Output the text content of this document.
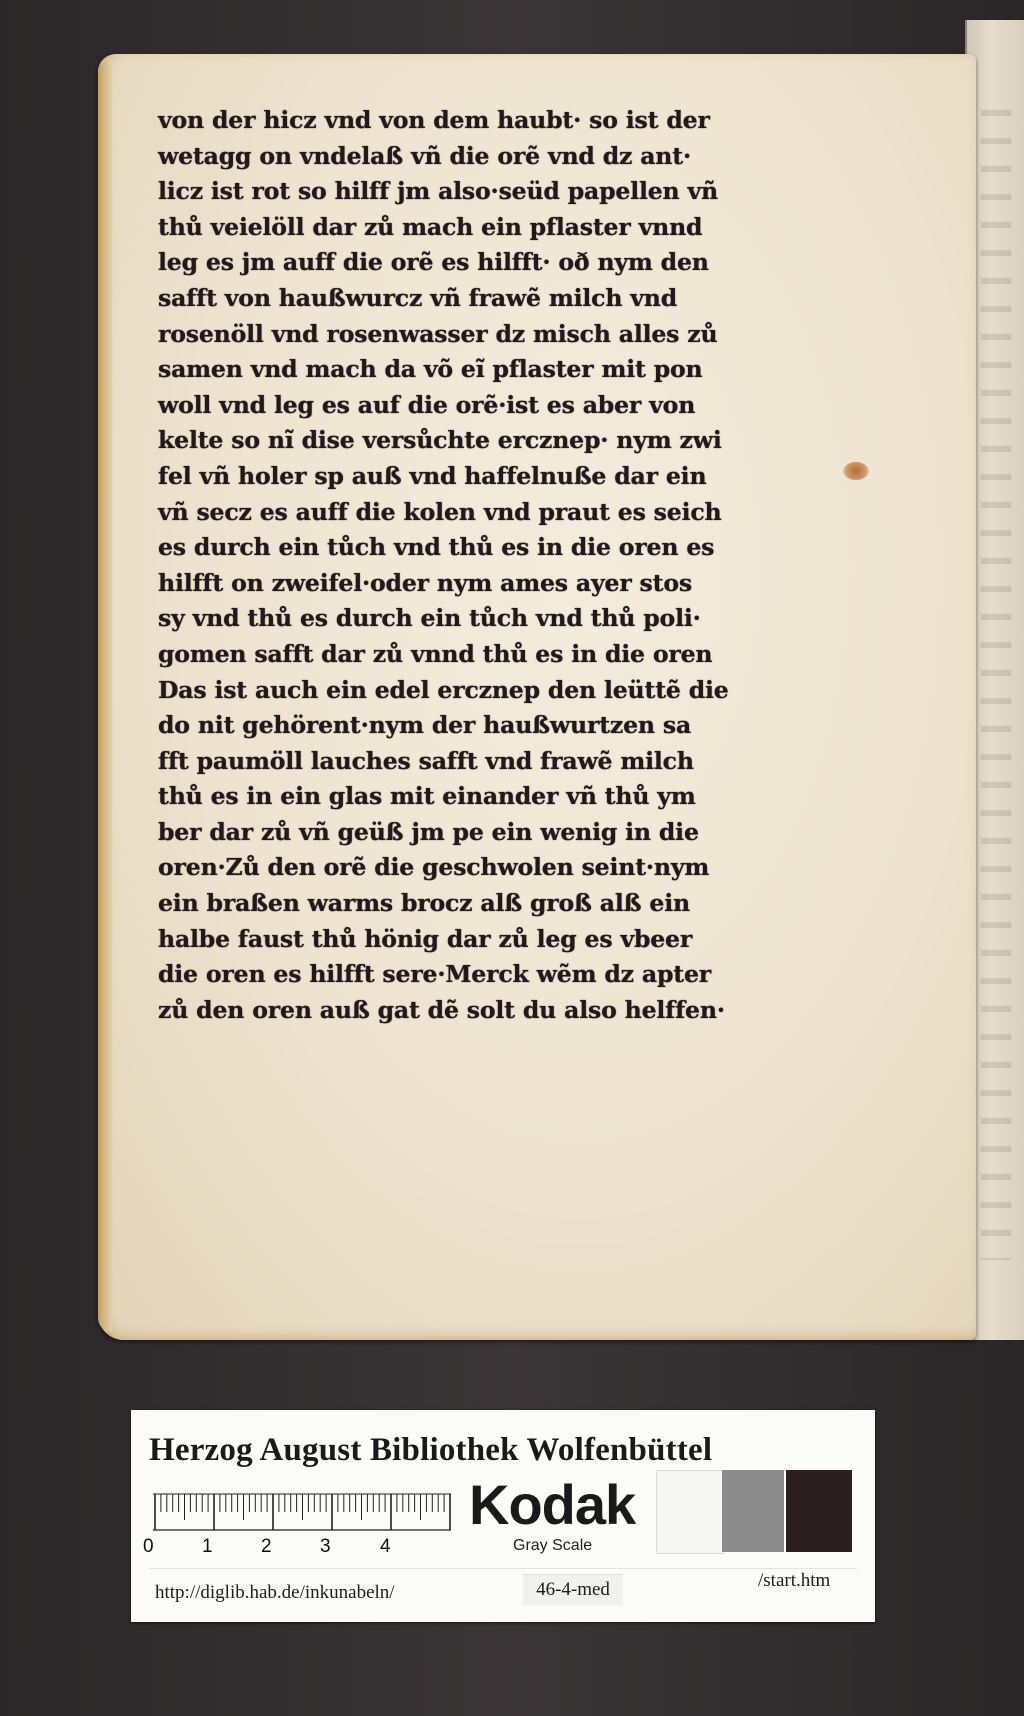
von der hicz vnd von dem haubt· so ist der
wetagg on vndelaß vñ die orẽ vnd dz ant·
licz ist rot so hilff jm also·seüd papellen vñ
thů veielöll dar zů mach ein pflaster vnnd
leg es jm auff die orẽ es hilfft· oð nym den
safft von haußwurcz vñ frawẽ milch vnd
rosenöll vnd rosenwasser dz misch alles zů
samen vnd mach da võ eĩ pflaster mit pon
woll vnd leg es auf die orẽ·ist es aber von
kelte so nĩ dise versůchte ercznep· nym zwi
fel vñ holer sp auß vnd haffelnuße dar ein
vñ secz es auff die kolen vnd praut es seich
es durch ein tůch vnd thů es in die oren es
hilfft on zweifel·oder nym ames ayer stos
sy vnd thů es durch ein tůch vnd thů poli·
gomen safft dar zů vnnd thů es in die oren
Das ist auch ein edel ercznep den leüttẽ die
do nit gehörent·nym der haußwurtzen sa
fft paumöll lauches safft vnd frawẽ milch
thů es in ein glas mit einander vñ thů ym
ber dar zů vñ geüß jm pe ein wenig in die
oren·Zů den orẽ die geschwolen seint·nym
ein braßen warms brocz alß groß alß ein
halbe faust thů hönig dar zů leg es vbeer
die oren es hilfft sere·Merck wẽm dz apter
zů den oren auß gat dẽ solt du also helffen·
Herzog August Bibliothek Wolfenbüttel
0	1	2	3	4
Kodak
Gray Scale
http://diglib.hab.de/inkunabeln/	46-4-med	/start.htm
